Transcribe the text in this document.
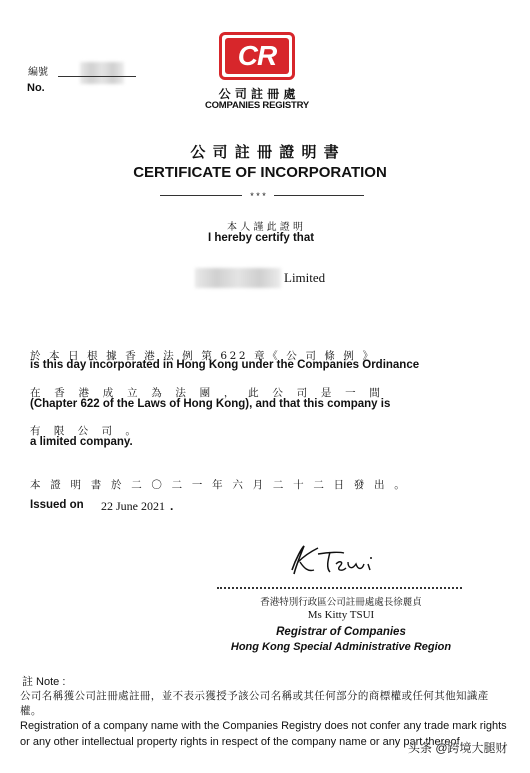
編號
No.
CR
公 司 註 冊 處
COMPANIES REGISTRY
公 司 註 冊 證 明 書
CERTIFICATE OF INCORPORATION
* * *
本 人 謹 此 證 明
I hereby certify that
Limited
於 本 日 根 據 香 港 法 例 第 622 章《 公 司 條 例 》
is this day incorporated in Hong Kong under the Companies Ordinance
在 香 港 成 立 為 法 團 ， 此 公 司 是 一 間
(Chapter 622 of the Laws of Hong Kong), and that this company is
有 限 公 司 。
a limited company.
本 證 明 書 於 二 〇 二 一 年 六 月 二 十 二 日 發 出 。
Issued on 22 June 2021 .
香港特別行政區公司註冊處處長徐麗貞
Ms Kitty TSUI
Registrar of Companies
Hong Kong Special Administrative Region
註 Note :
公司名稱獲公司註冊處註冊，並不表示獲授予該公司名稱或其任何部分的商標權或任何其他知識產權。
Registration of a company name with the Companies Registry does not confer any trade mark rights or any other intellectual property rights in respect of the company name or any part thereof.
头条 @跨境大腿财
